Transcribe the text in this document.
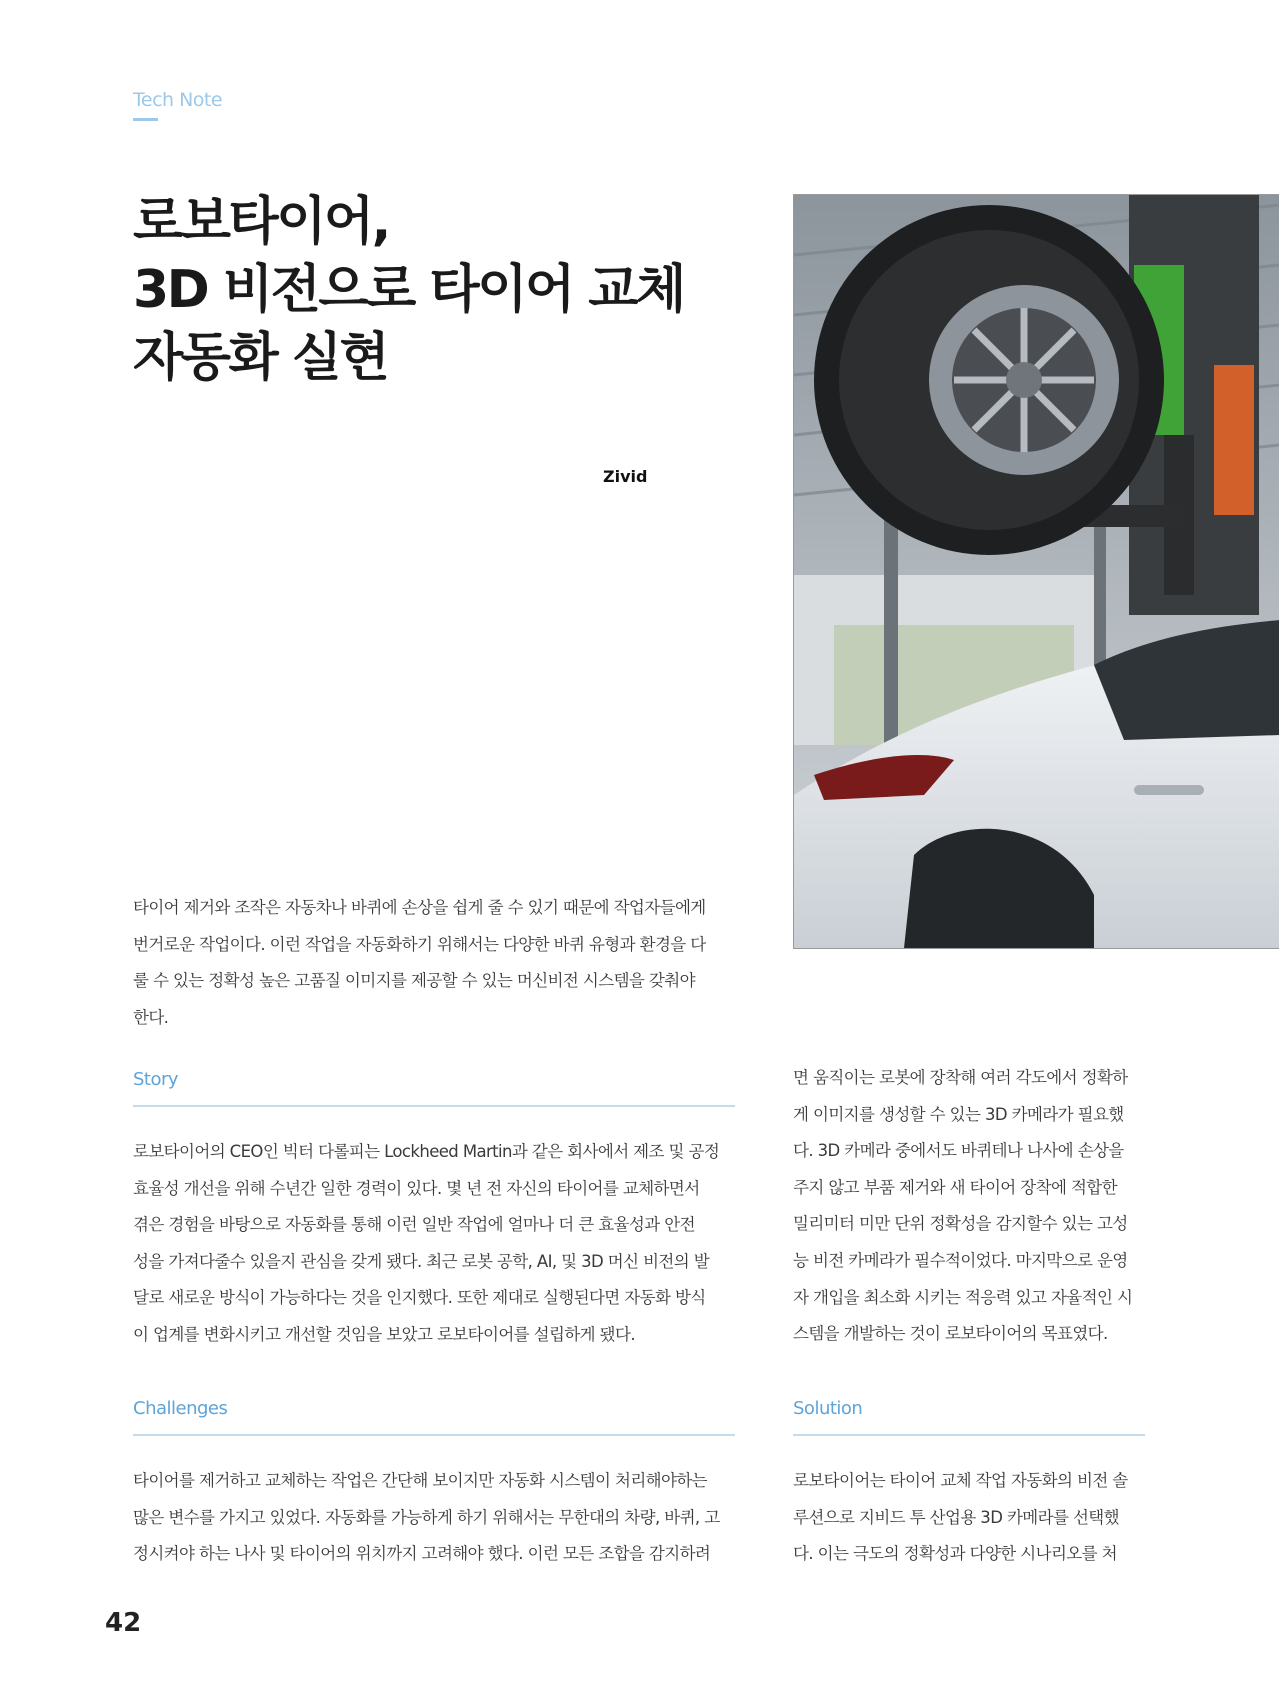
Tech Note
로보타이어,
3D 비전으로 타이어 교체
자동화 실현
Zivid
타이어 제거와 조작은 자동차나 바퀴에 손상을 쉽게 줄 수 있기 때문에 작업자들에게
번거로운 작업이다. 이런 작업을 자동화하기 위해서는 다양한 바퀴 유형과 환경을 다
룰 수 있는 정확성 높은 고품질 이미지를 제공할 수 있는 머신비전 시스템을 갖춰야
한다.
Story
로보타이어의 CEO인 빅터 다롤피는 Lockheed Martin과 같은 회사에서 제조 및 공정
효율성 개선을 위해 수년간 일한 경력이 있다. 몇 년 전 자신의 타이어를 교체하면서
겪은 경험을 바탕으로 자동화를 통해 이런 일반 작업에 얼마나 더 큰 효율성과 안전
성을 가져다줄수 있을지 관심을 갖게 됐다. 최근 로봇 공학, AI, 및 3D 머신 비전의 발
달로 새로운 방식이 가능하다는 것을 인지했다. 또한 제대로 실행된다면 자동화 방식
이 업계를 변화시키고 개선할 것임을 보았고 로보타이어를 설립하게 됐다.
Challenges
타이어를 제거하고 교체하는 작업은 간단해 보이지만 자동화 시스템이 처리해야하는
많은 변수를 가지고 있었다. 자동화를 가능하게 하기 위해서는 무한대의 차량, 바퀴, 고
정시켜야 하는 나사 및 타이어의 위치까지 고려해야 했다. 이런 모든 조합을 감지하려
면 움직이는 로봇에 장착해 여러 각도에서 정확하
게 이미지를 생성할 수 있는 3D 카메라가 필요했
다. 3D 카메라 중에서도 바퀴테나 나사에 손상을
주지 않고 부품 제거와 새 타이어 장착에 적합한
밀리미터 미만 단위 정확성을 감지할수 있는 고성
능 비전 카메라가 필수적이었다. 마지막으로 운영
자 개입을 최소화 시키는 적응력 있고 자율적인 시
스템을 개발하는 것이 로보타이어의 목표였다.
Solution
로보타이어는 타이어 교체 작업 자동화의 비전 솔
루션으로 지비드 투 산업용 3D 카메라를 선택했
다. 이는 극도의 정확성과 다양한 시나리오를 처
42
